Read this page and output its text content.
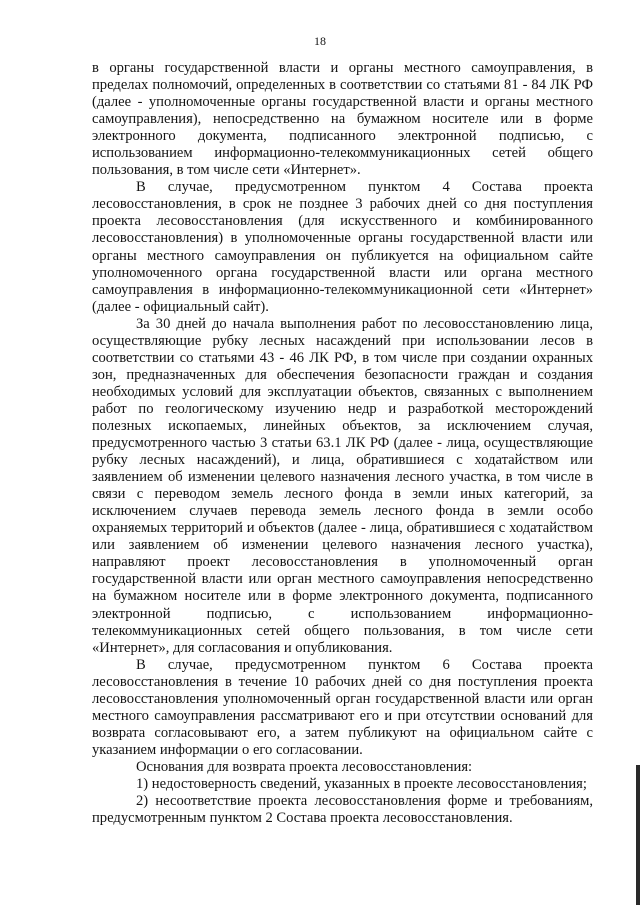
18

в органы государственной власти и органы местного самоуправления, в пределах полномочий, определенных в соответствии со статьями 81 - 84 ЛК РФ (далее - уполномоченные органы государственной власти и органы местного самоуправления), непосредственно на бумажном носителе или в форме электронного документа, подписанного электронной подписью, с использованием информационно-телекоммуникационных сетей общего пользования, в том числе сети «Интернет».

В случае, предусмотренном пунктом 4 Состава проекта лесовосстановления, в срок не позднее 3 рабочих дней со дня поступления проекта лесовосстановления (для искусственного и комбинированного лесовосстановления) в уполномоченные органы государственной власти или органы местного самоуправления он публикуется на официальном сайте уполномоченного органа государственной власти или органа местного самоуправления в информационно-телекоммуникационной сети «Интернет» (далее - официальный сайт).

За 30 дней до начала выполнения работ по лесовосстановлению лица, осуществляющие рубку лесных насаждений при использовании лесов в соответствии со статьями 43 - 46 ЛК РФ, в том числе при создании охранных зон, предназначенных для обеспечения безопасности граждан и создания необходимых условий для эксплуатации объектов, связанных с выполнением работ по геологическому изучению недр и разработкой месторождений полезных ископаемых, линейных объектов, за исключением случая, предусмотренного частью 3 статьи 63.1 ЛК РФ (далее - лица, осуществляющие рубку лесных насаждений), и лица, обратившиеся с ходатайством или заявлением об изменении целевого назначения лесного участка, в том числе в связи с переводом земель лесного фонда в земли иных категорий, за исключением случаев перевода земель лесного фонда в земли особо охраняемых территорий и объектов (далее - лица, обратившиеся с ходатайством или заявлением об изменении целевого назначения лесного участка), направляют проект лесовосстановления в уполномоченный орган государственной власти или орган местного самоуправления непосредственно на бумажном носителе или в форме электронного документа, подписанного электронной подписью, с использованием информационно-телекоммуникационных сетей общего пользования, в том числе сети «Интернет», для согласования и опубликования.

В случае, предусмотренном пунктом 6 Состава проекта лесовосстановления в течение 10 рабочих дней со дня поступления проекта лесовосстановления уполномоченный орган государственной власти или орган местного самоуправления рассматривают его и при отсутствии оснований для возврата согласовывают его, а затем публикуют на официальном сайте с указанием информации о его согласовании.

Основания для возврата проекта лесовосстановления:

1) недостоверность сведений, указанных в проекте лесовосстановления;

2) несоответствие проекта лесовосстановления форме и требованиям, предусмотренным пунктом 2 Состава проекта лесовосстановления.
